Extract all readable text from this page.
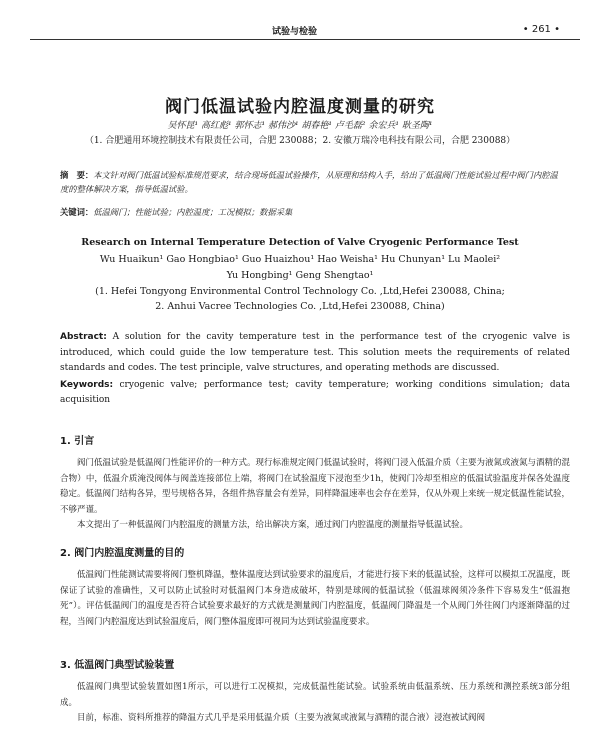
试验与检验	• 261 •
阀门低温试验内腔温度测量的研究
吴怀昆¹ 高红彪¹ 郭怀志¹ 郝伟沙¹ 胡春艳¹ 卢毛磊² 余宏兵¹ 耿圣陶¹
（1. 合肥通用环境控制技术有限责任公司，合肥 230088；2. 安徽万瑞冷电科技有限公司，合肥 230088）
摘　要：本文针对阀门低温试验标准规范要求，结合现场低温试验操作，从原理和结构入手，给出了低温阀门性能试验过程中阀门内腔温度的整体解决方案，指导低温试验。
关键词：低温阀门；性能试验；内腔温度；工况模拟；数据采集
Research on Internal Temperature Detection of Valve Cryogenic Performance Test
Wu Huaikun¹ Gao Hongbiao¹ Guo Huaizhou¹ Hao Weisha¹ Hu Chunyan¹ Lu Maolei²
Yu Hongbing¹ Geng Shengtao¹
(1. Hefei Tongyong Environmental Control Technology Co. ,Ltd,Hefei 230088, China;
2. Anhui Vacree Technologies Co. ,Ltd,Hefei 230088, China)
Abstract: A solution for the cavity temperature test in the performance test of the cryogenic valve is introduced, which could guide the low temperature test. This solution meets the requirements of related standards and codes. The test principle, valve structures, and operating methods are discussed.
Keywords: cryogenic valve; performance test; cavity temperature; working conditions simulation; data acquisition
1. 引言
阀门低温试验是低温阀门性能评价的一种方式。现行标准规定阀门低温试验时，将阀门浸入低温介质（主要为液氮或液氮与酒精的混合物）中，低温介质淹没阀体与阀盖连接部位上端，将阀门在试验温度下浸泡至少1h，使阀门冷却至相应的低温试验温度并保各处温度稳定。低温阀门结构各异，型号规格各异，各组件热容量会有差异，同样降温速率也会存在差异，仅从外观上来统一规定低温性能试验，不够严谨。
本文提出了一种低温阀门内腔温度的测量方法，给出解决方案，通过阀门内腔温度的测量指导低温试验。
2. 阀门内腔温度测量的目的
低温阀门性能测试需要将阀门整机降温，整体温度达到试验要求的温度后，才能进行接下来的低温试验，这样可以模拟工况温度，既保证了试验的准确性，又可以防止试验时对低温阀门本身造成破坏，特别是球阀的低温试验（低温球阀须冷条件下容易发生“低温抱死”）。评估低温阀门的温度是否符合试验要求最好的方式就是测量阀门内腔温度，低温阀门降温是一个从阀门外往阀门内逐渐降温的过程，当阀门内腔温度达到试验温度后，阀门整体温度即可视同为达到试验温度要求。
3. 低温阀门典型试验装置
低温阀门典型试验装置如图1所示，可以进行工况模拟，完成低温性能试验。试验系统由低温系统、压力系统和测控系统3部分组成。
目前，标准、资料所推荐的降温方式几乎是采用低温介质（主要为液氮或液氮与酒精的混合液）浸泡被试阀阀
